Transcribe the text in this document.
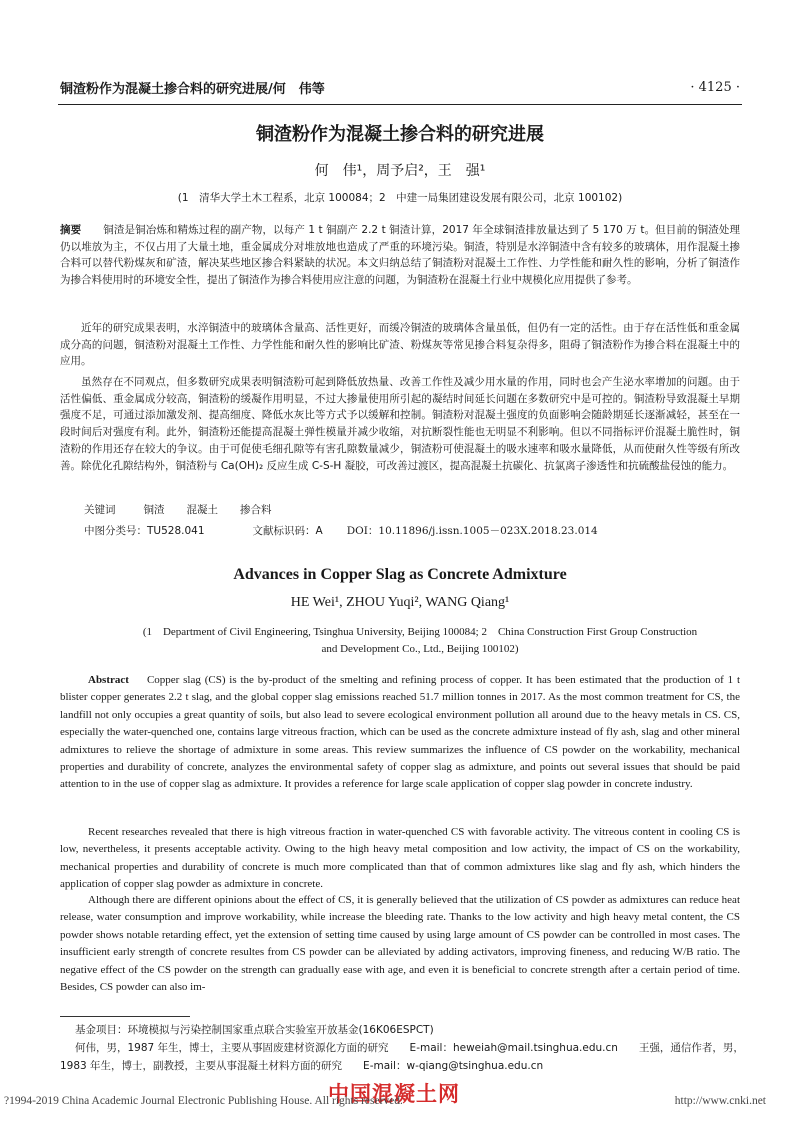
铜渣粉作为混凝土掺合料的研究进展/何　伟等	· 4125 ·
铜渣粉作为混凝土掺合料的研究进展
何　伟¹，周予启²，王　强¹
(1　清华大学土木工程系，北京 100084；2　中建一局集团建设发展有限公司，北京 100102)
摘要 铜渣是铜冶炼和精炼过程的副产物，以每产 1 t 铜副产 2.2 t 铜渣计算，2017 年全球铜渣排放量达到了 5 170 万 t。但目前的铜渣处理仍以堆放为主，不仅占用了大量土地，重金属成分对堆放地也造成了严重的环境污染。铜渣，特别是水淬铜渣中含有较多的玻璃体，用作混凝土掺合料可以替代粉煤灰和矿渣，解决某些地区掺合料紧缺的状况。本文归纳总结了铜渣粉对混凝土工作性、力学性能和耐久性的影响，分析了铜渣作为掺合料使用时的环境安全性，提出了铜渣作为掺合料使用应注意的问题，为铜渣粉在混凝土行业中规模化应用提供了参考。
近年的研究成果表明，水淬铜渣中的玻璃体含量高、活性更好，而缓冷铜渣的玻璃体含量虽低，但仍有一定的活性。由于存在活性低和重金属成分高的问题，铜渣粉对混凝土工作性、力学性能和耐久性的影响比矿渣、粉煤灰等常见掺合料复杂得多，阻碍了铜渣粉作为掺合料在混凝土中的应用。
虽然存在不同观点，但多数研究成果表明铜渣粉可起到降低放热量、改善工作性及减少用水量的作用，同时也会产生泌水率增加的问题。由于活性偏低、重金属成分较高，铜渣粉的缓凝作用明显，不过大掺量使用所引起的凝结时间延长问题在多数研究中是可控的。铜渣粉导致混凝土早期强度不足，可通过添加激发剂、提高细度、降低水灰比等方式予以缓解和控制。铜渣粉对混凝土强度的负面影响会随龄期延长逐渐减轻，甚至在一段时间后对强度有利。此外，铜渣粉还能提高混凝土弹性模量并减少收缩，对抗断裂性能也无明显不利影响。但以不同指标评价混凝土脆性时，铜渣粉的作用还存在较大的争议。由于可促使毛细孔隙等有害孔隙数量减少，铜渣粉可使混凝土的吸水速率和吸水量降低，从而使耐久性等级有所改善。除优化孔隙结构外，铜渣粉与 Ca(OH)₂ 反应生成 C-S-H 凝胶，可改善过渡区，提高混凝土抗碳化、抗氯离子渗透性和抗硫酸盐侵蚀的能力。
关键词	铜渣 混凝土 掺合料
中图分类号：TU528.041	文献标识码：A DOI：10.11896/j.issn.1005－023X.2018.23.014
Advances in Copper Slag as Concrete Admixture
HE Wei¹, ZHOU Yuqi², WANG Qiang¹
(1　Department of Civil Engineering, Tsinghua University, Beijing 100084; 2　China Construction First Group Construction and Development Co., Ltd., Beijing 100102)
Abstract Copper slag (CS) is the by-product of the smelting and refining process of copper. It has been estimated that the production of 1 t blister copper generates 2.2 t slag, and the global copper slag emissions reached 51.7 million tonnes in 2017. As the most common treatment for CS, the landfill not only occupies a great quantity of soils, but also lead to severe ecological environment pollution all around due to the heavy metals in CS. CS, especially the water-quenched one, contains large vitreous fraction, which can be used as the concrete admixture instead of fly ash, slag and other mineral admixtures to relieve the shortage of admixture in some areas. This review summarizes the influence of CS powder on the workability, mechanical properties and durability of concrete, analyzes the environmental safety of copper slag as admixture, and points out several issues that should be paid attention to in the use of copper slag as admixture. It provides a reference for large scale application of copper slag powder in concrete industry.
Recent researches revealed that there is high vitreous fraction in water-quenched CS with favorable activity. The vitreous content in cooling CS is low, nevertheless, it presents acceptable activity. Owing to the high heavy metal composition and low activity, the impact of CS on the workability, mechanical properties and durability of concrete is much more complicated than that of common admixtures like slag and fly ash, which hinders the application of copper slag powder as admixture in concrete.
Although there are different opinions about the effect of CS, it is generally believed that the utilization of CS powder as admixtures can reduce heat release, water consumption and improve workability, while increase the bleeding rate. Thanks to the low activity and high heavy metal content, the CS powder shows notable retarding effect, yet the extension of setting time caused by using large amount of CS powder can be controlled in most cases. The insufficient early strength of concrete resultes from CS powder can be alleviated by adding activators, improving fineness, and reducing W/B ratio. The negative effect of the CS powder on the strength can gradually ease with age, and even it is beneficial to concrete strength after a certain period of time. Besides, CS powder can also im-
基金项目：环境模拟与污染控制国家重点联合实验室开放基金(16K06ESPCT)
何伟，男，1987 年生，博士，主要从事固废建材资源化方面的研究　　E-mail：heweiah@mail.tsinghua.edu.cn　　王强，通信作者，男，
1983 年生，博士，副教授，主要从事混凝土材料方面的研究　　E-mail：w-qiang@tsinghua.edu.cn
中国混凝土网
?1994-2019 China Academic Journal Electronic Publishing House. All rights reserved.	http://www.cnki.net
